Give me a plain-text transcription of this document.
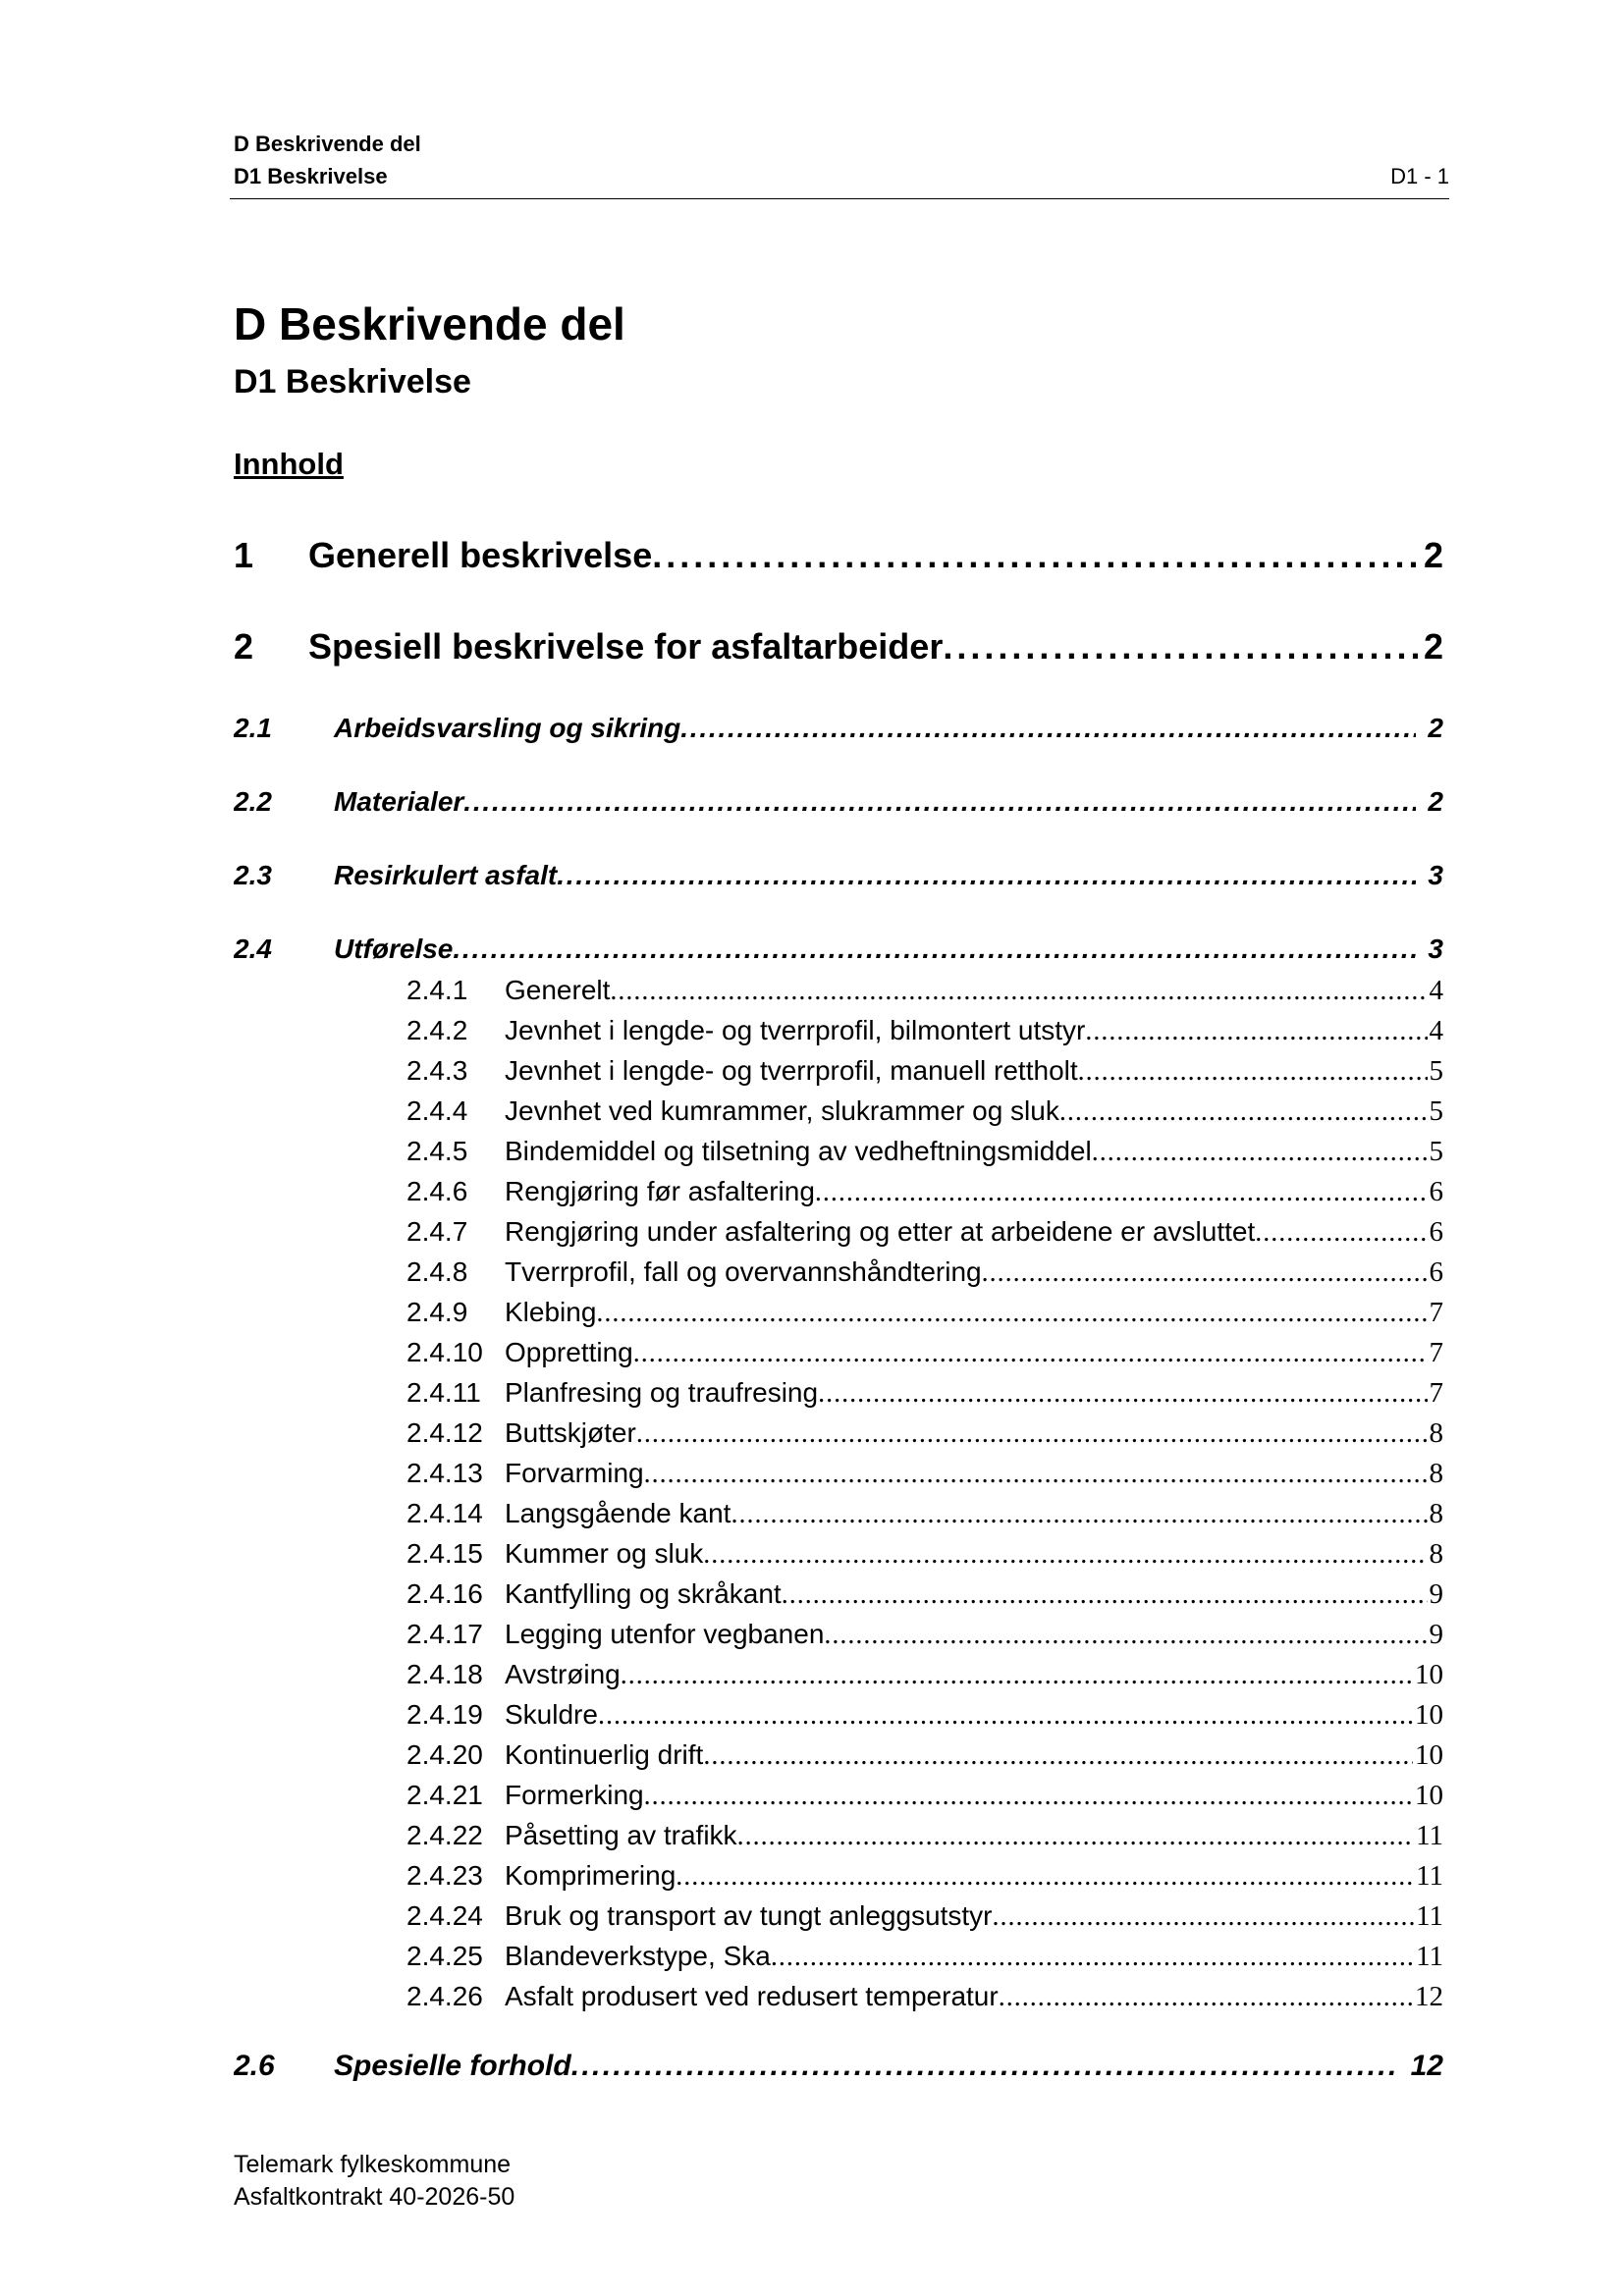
D Beskrivende del
D1 Beskrivelse	D1 - 1
D Beskrivende del
D1 Beskrivelse
Innhold
1	Generell beskrivelse . . .	2
2	Spesiell beskrivelse for asfaltarbeider . . .	2
2.1	Arbeidsvarsling og sikring . . .	2
2.2	Materialer . . .	2
2.3	Resirkulert asfalt . . .	3
2.4	Utførelse . . .	3
2.4.1	Generelt . . .	4
2.4.2	Jevnhet i lengde- og tverrprofil, bilmontert utstyr . . .	4
2.4.3	Jevnhet i lengde- og tverrprofil, manuell rettholt . . .	5
2.4.4	Jevnhet ved kumrammer, slukrammer og sluk . . .	5
2.4.5	Bindemiddel og tilsetning av vedheftningsmiddel . . .	5
2.4.6	Rengjøring før asfaltering . . .	6
2.4.7	Rengjøring under asfaltering og etter at arbeidene er avsluttet . . .	6
2.4.8	Tverrprofil, fall og overvannshåndtering . . .	6
2.4.9	Klebing . . .	7
2.4.10 Oppretting . . .	7
2.4.11 Planfresing og traufresing . . .	7
2.4.12 Buttskjøter . . .	8
2.4.13 Forvarming . . .	8
2.4.14 Langsgående kant . . .	8
2.4.15 Kummer og sluk . . .	8
2.4.16 Kantfylling og skråkant . . .	9
2.4.17 Legging utenfor vegbanen . . .	9
2.4.18 Avstrøing . . .	10
2.4.19 Skuldre . . .	10
2.4.20 Kontinuerlig drift . . .	10
2.4.21 Formerking . . .	10
2.4.22 Påsetting av trafikk . . .	11
2.4.23 Komprimering . . .	11
2.4.24 Bruk og transport av tungt anleggsutstyr . . .	11
2.4.25 Blandeverkstype, Ska . . .	11
2.4.26 Asfalt produsert ved redusert temperatur . . .	12
2.6	Spesielle forhold . . .	12
Telemark fylkeskommune
Asfaltkontrakt 40-2026-50
